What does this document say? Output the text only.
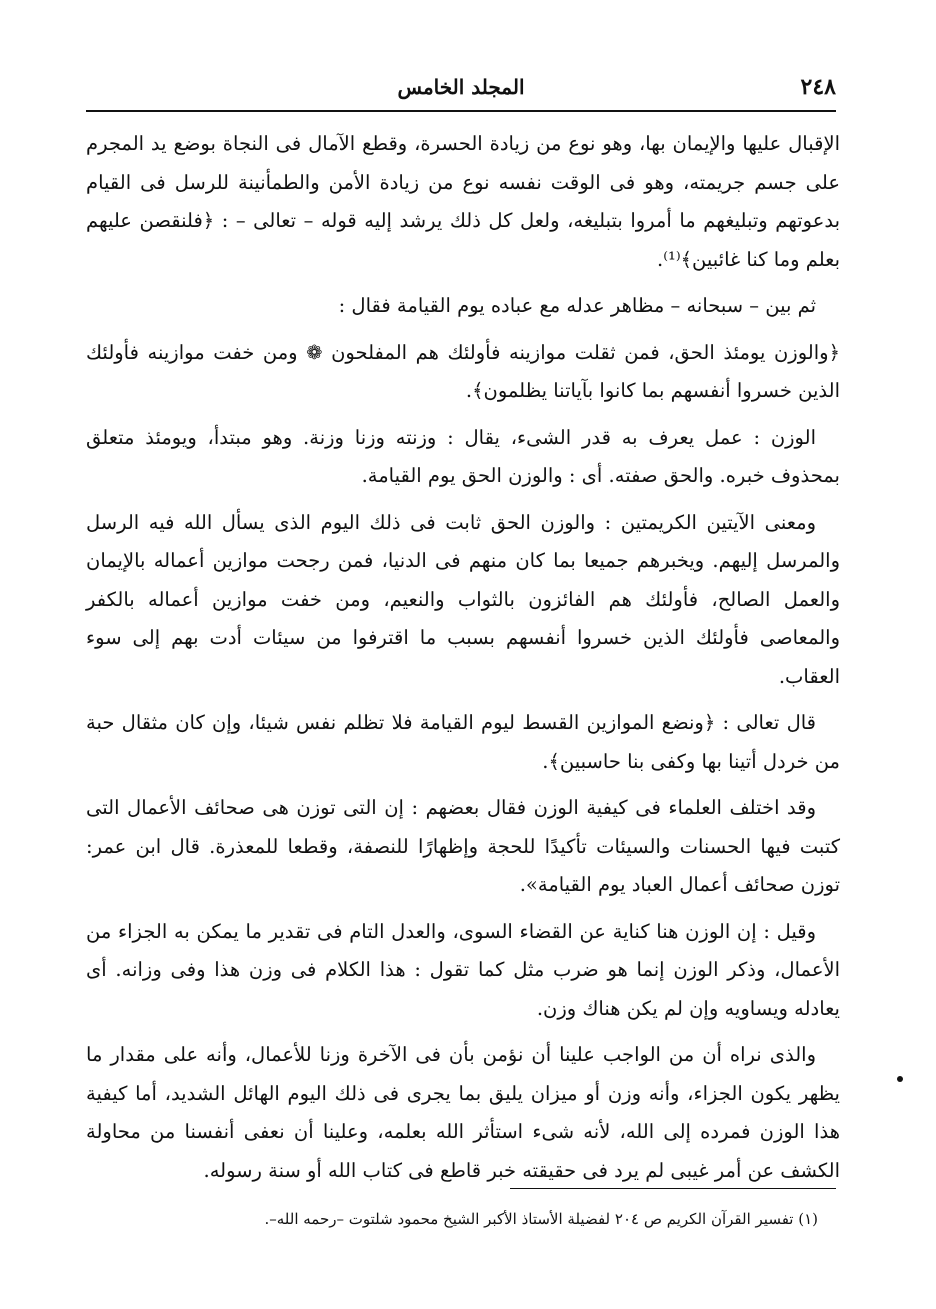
٢٤٨
المجلد الخامس

الإقبال عليها والإيمان بها، وهو نوع من زيادة الحسرة، وقطع الآمال فى النجاة بوضع يد المجرم على جسم جريمته، وهو فى الوقت نفسه نوع من زيادة الأمن والطمأنينة للرسل فى القيام بدعوتهم وتبليغهم ما أمروا بتبليغه، ولعل كل ذلك يرشد إليه قوله – تعالى – : ﴿فلنقصن عليهم بعلم وما كنا غائبين﴾⁽¹⁾.

ثم بين – سبحانه – مظاهر عدله مع عباده يوم القيامة فقال :

﴿والوزن يومئذ الحق، فمن ثقلت موازينه فأولئك هم المفلحون ❁ ومن خفت موازينه فأولئك الذين خسروا أنفسهم بما كانوا بآياتنا يظلمون﴾.

الوزن : عمل يعرف به قدر الشىء، يقال : وزنته وزنا وزنة. وهو مبتدأ، ويومئذ متعلق بمحذوف خبره. والحق صفته. أى : والوزن الحق يوم القيامة.

ومعنى الآيتين الكريمتين : والوزن الحق ثابت فى ذلك اليوم الذى يسأل الله فيه الرسل والمرسل إليهم. ويخبرهم جميعا بما كان منهم فى الدنيا، فمن رجحت موازين أعماله بالإيمان والعمل الصالح، فأولئك هم الفائزون بالثواب والنعيم، ومن خفت موازين أعماله بالكفر والمعاصى فأولئك الذين خسروا أنفسهم بسبب ما اقترفوا من سيئات أدت بهم إلى سوء العقاب.

قال تعالى : ﴿ونضع الموازين القسط ليوم القيامة فلا تظلم نفس شيئا، وإن كان مثقال حبة من خردل أتينا بها وكفى بنا حاسبين﴾.

وقد اختلف العلماء فى كيفية الوزن فقال بعضهم : إن التى توزن هى صحائف الأعمال التى كتبت فيها الحسنات والسيئات تأكيدًا للحجة وإظهارًا للنصفة، وقطعا للمعذرة. قال ابن عمر: توزن صحائف أعمال العباد يوم القيامة».

وقيل : إن الوزن هنا كناية عن القضاء السوى، والعدل التام فى تقدير ما يمكن به الجزاء من الأعمال، وذكر الوزن إنما هو ضرب مثل كما تقول : هذا الكلام فى وزن هذا وفى وزانه. أى يعادله ويساويه وإن لم يكن هناك وزن.

والذى نراه أن من الواجب علينا أن نؤمن بأن فى الآخرة وزنا للأعمال، وأنه على مقدار ما يظهر يكون الجزاء، وأنه وزن أو ميزان يليق بما يجرى فى ذلك اليوم الهائل الشديد، أما كيفية هذا الوزن فمرده إلى الله، لأنه شىء استأثر الله بعلمه، وعلينا أن نعفى أنفسنا من محاولة الكشف عن أمر غيبى لم يرد فى حقيقته خبر قاطع فى كتاب الله أو سنة رسوله.

(١) تفسير القرآن الكريم ص ٢٠٤ لفضيلة الأستاذ الأكبر الشيخ محمود شلتوت –رحمه الله–.
